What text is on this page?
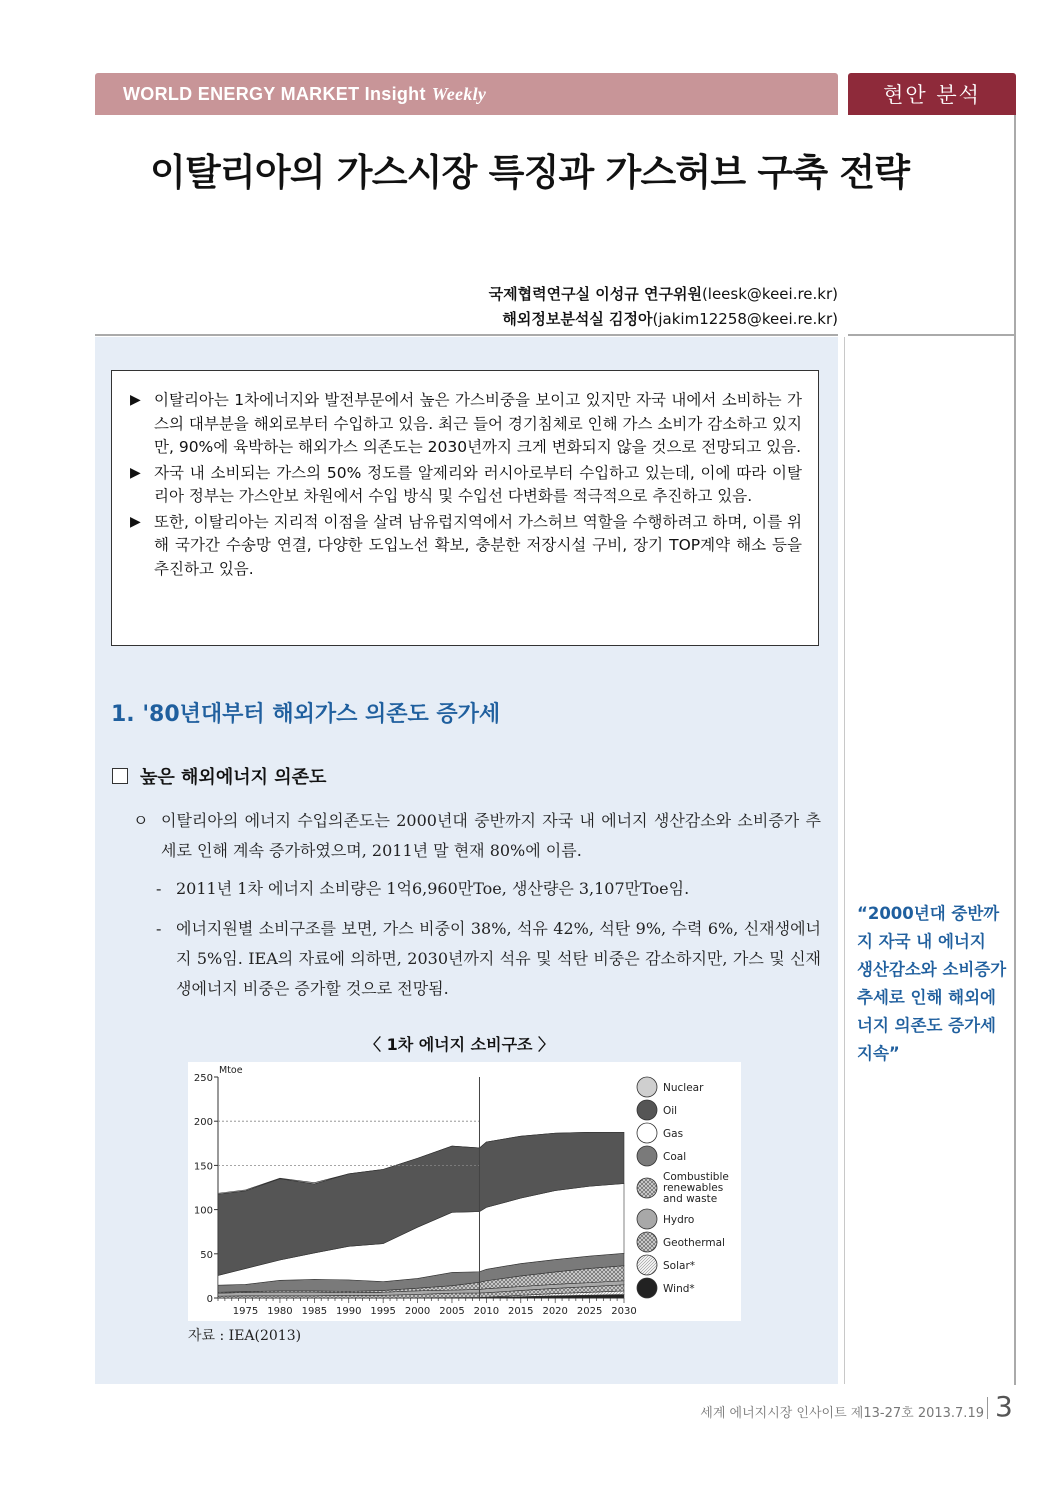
WORLD ENERGY MARKET Insight Weekly	현안 분석
이탈리아의 가스시장 특징과 가스허브 구축 전략
국제협력연구실 이성규 연구위원(leesk@keei.re.kr)
해외정보분석실 김정아(jakim12258@keei.re.kr)
▶ 이탈리아는 1차에너지와 발전부문에서 높은 가스비중을 보이고 있지만 자국 내에서 소비하는 가스의 대부분을 해외로부터 수입하고 있음. 최근 들어 경기침체로 인해 가스 소비가 감소하고 있지만, 90%에 육박하는 해외가스 의존도는 2030년까지 크게 변화되지 않을 것으로 전망되고 있음.
▶ 자국 내 소비되는 가스의 50% 정도를 알제리와 러시아로부터 수입하고 있는데, 이에 따라 이탈리아 정부는 가스안보 차원에서 수입 방식 및 수입선 다변화를 적극적으로 추진하고 있음.
▶ 또한, 이탈리아는 지리적 이점을 살려 남유럽지역에서 가스허브 역할을 수행하려고 하며, 이를 위해 국가간 수송망 연결, 다양한 도입노선 확보, 충분한 저장시설 구비, 장기 TOP계약 해소 등을 추진하고 있음.
1. '80년대부터 해외가스 의존도 증가세
높은 해외에너지 의존도
ㅇ 이탈리아의 에너지 수입의존도는 2000년대 중반까지 자국 내 에너지 생산감소와 소비증가 추세로 인해 계속 증가하였으며, 2011년 말 현재 80%에 이름.
- 2011년 1차 에너지 소비량은 1억6,960만Toe, 생산량은 3,107만Toe임.
- 에너지원별 소비구조를 보면, 가스 비중이 38%, 석유 42%, 석탄 9%, 수력 6%, 신재생에너지 5%임. IEA의 자료에 의하면, 2030년까지 석유 및 석탄 비중은 감소하지만, 가스 및 신재생에너지 비중은 증가할 것으로 전망됨.
〈 1차 에너지 소비구조 〉
0
50
100
150
200
250
Mtoe
1975 1980 1985 1990 1995 2000 2005 2010 2015 2020 2025 2030
Nuclear
Oil
Gas
Coal
Combustible renewables and waste
Hydro
Geothermal
Solar*
Wind*
자료 : IEA(2013)
“2000년대 중반까지 자국 내 에너지 생산감소와 소비증가 추세로 인해 해외에너지 의존도 증가세 지속”
세계 에너지시장 인사이트 제13-27호 2013.7.19 3
